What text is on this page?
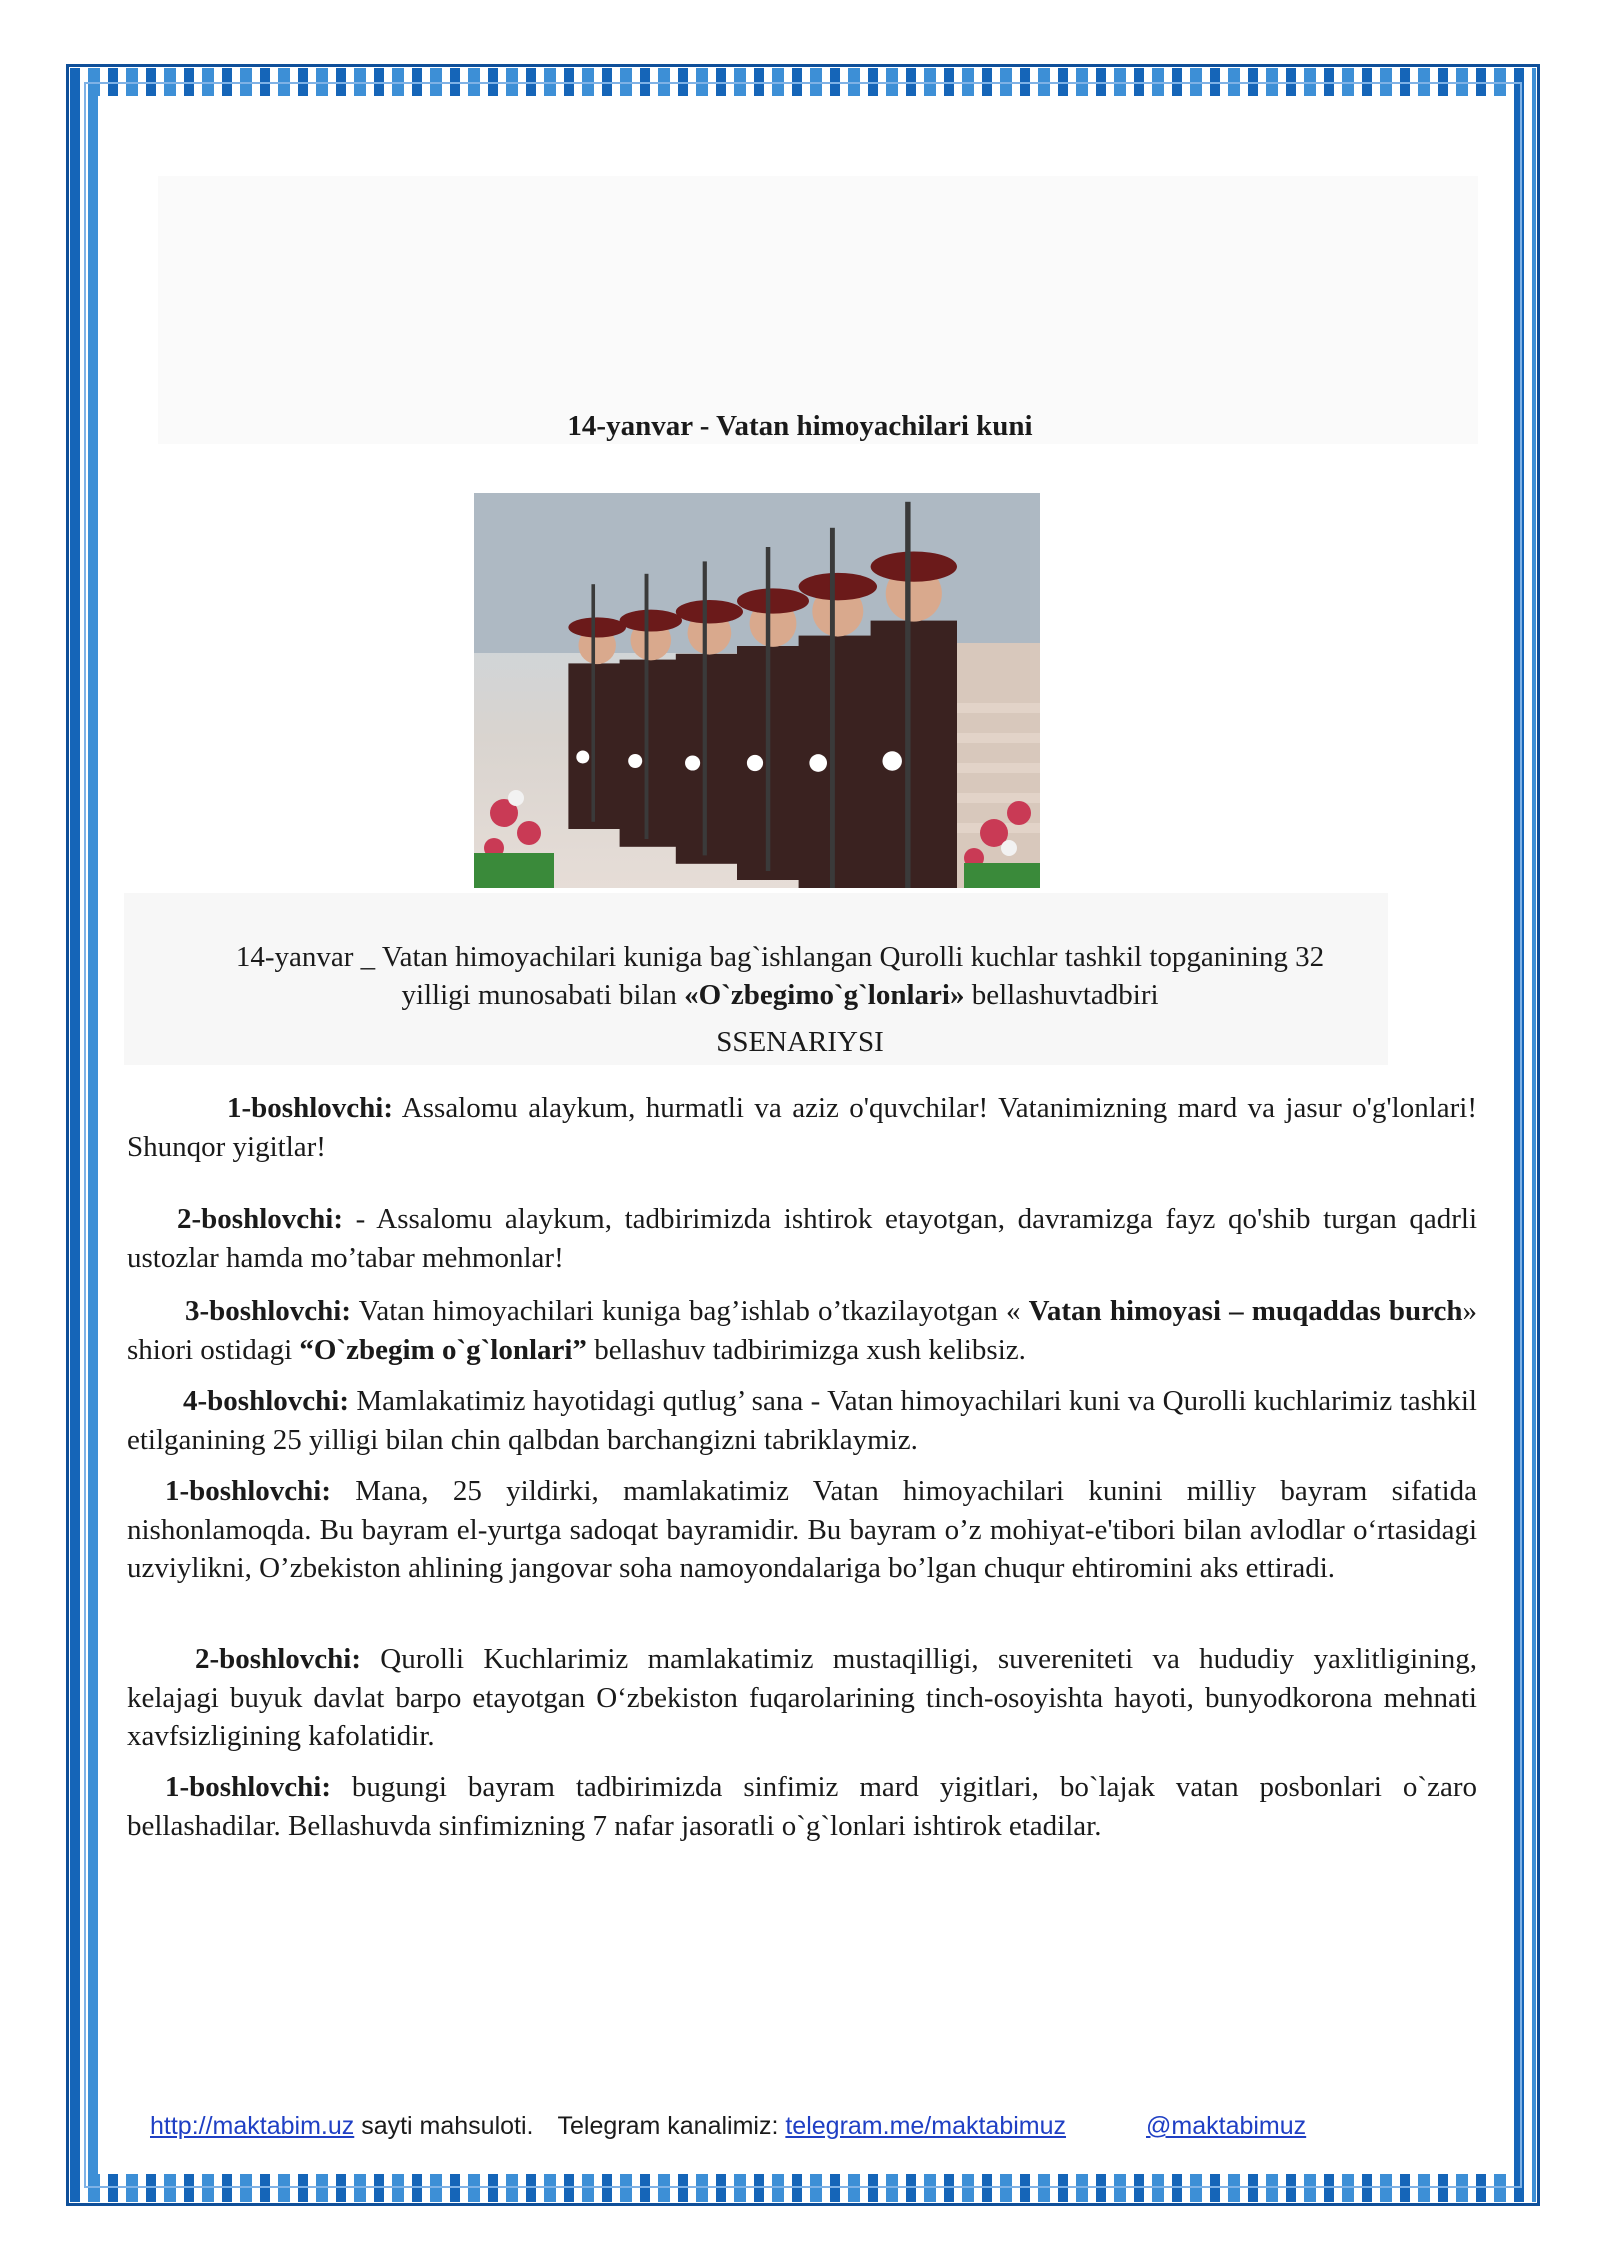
14-yanvar - Vatan himoyachilari kuni
14-yanvar _ Vatan himoyachilari kuniga bag`ishlangan Qurolli kuchlar tashkil topganining 32
yilligi munosabati bilan «O`zbegimo`g`lonlari» bellashuvtadbiri
SSENARIYSI
1-boshlovchi: Assalomu alaykum, hurmatli va aziz o'quvchilar! Vatanimizning mard va jasur o'g'lonlari! Shunqor yigitlar!
2-boshlovchi: - Assalomu alaykum, tadbirimizda ishtirok etayotgan, davramizga fayz qo'shib turgan qadrli ustozlar hamda mo’tabar mehmonlar!
3-boshlovchi: Vatan himoyachilari kuniga bag’ishlab o’tkazilayotgan « Vatan himoyasi – muqaddas burch» shiori ostidagi “O`zbegim o`g`lonlari” bellashuv tadbirimizga xush kelibsiz.
4-boshlovchi: Mamlakatimiz hayotidagi qutlug’ sana - Vatan himoyachilari kuni va Qurolli kuchlarimiz tashkil etilganining 25 yilligi bilan chin qalbdan barchangizni tabriklaymiz.
1-boshlovchi: Mana, 25 yildirki, mamlakatimiz Vatan himoyachilari kunini milliy bayram sifatida nishonlamoqda. Bu bayram el-yurtga sadoqat bayramidir. Bu bayram o’z mohiyat-e'tibori bilan avlodlar o‘rtasidagi uzviylikni, O’zbekiston ahlining jangovar soha namoyondalariga bo’lgan chuqur ehtiromini aks ettiradi.
2-boshlovchi: Qurolli Kuchlarimiz mamlakatimiz mustaqilligi, suvereniteti va hududiy yaxlitligining, kelajagi buyuk davlat barpo etayotgan O‘zbekiston fuqarolarining tinch-osoyishta hayoti, bunyodkorona mehnati xavfsizligining kafolatidir.
1-boshlovchi: bugungi bayram tadbirimizda sinfimiz mard yigitlari, bo`lajak vatan posbonlari o`zaro bellashadilar. Bellashuvda sinfimizning 7 nafar jasoratli o`g`lonlari ishtirok etadilar.
http://maktabim.uz sayti mahsuloti. Telegram kanalimiz: telegram.me/maktabimuz	@maktabimuz
